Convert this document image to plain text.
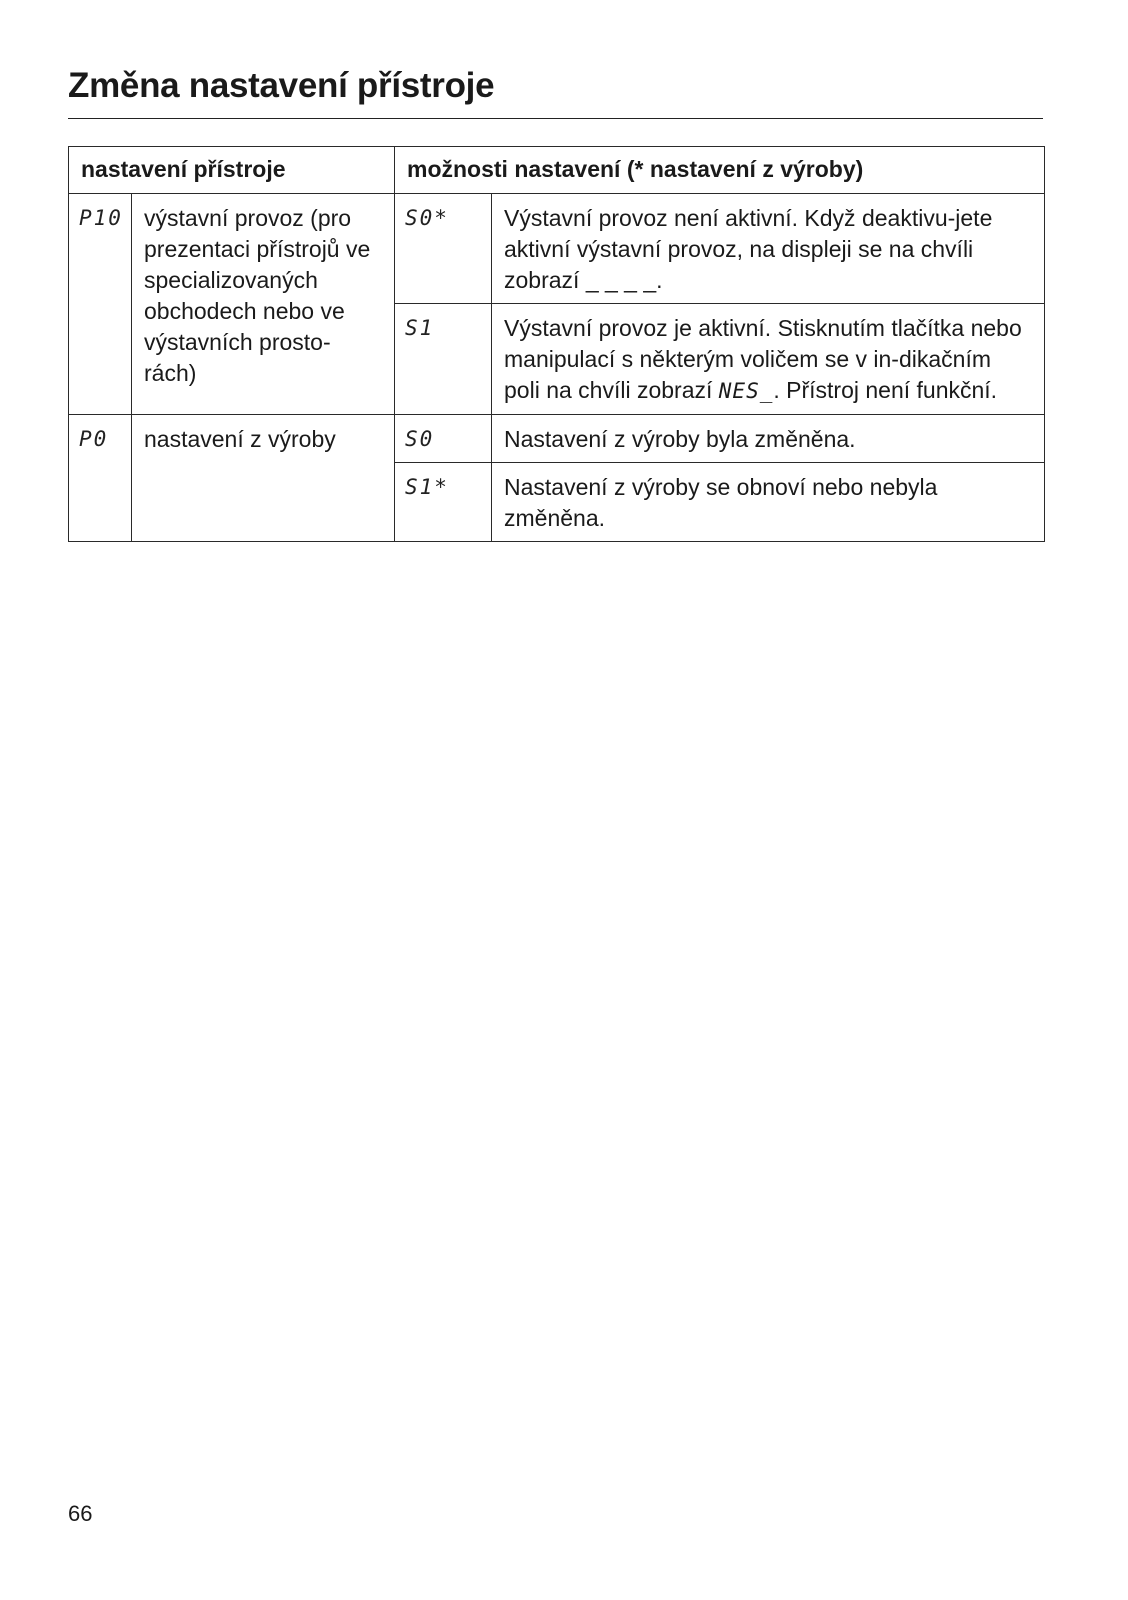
Změna nastavení přístroje
nastavení přístroje		možnosti nastavení (* nastavení z výroby)	
P10	výstavní provoz (pro prezentaci přístrojů ve specializovaných obchodech nebo ve výstavních prosto-rách)	S0*	Výstavní provoz není aktivní. Když deaktivu-jete aktivní výstavní provoz, na displeji se na chvíli zobrazí _ _ _ _.
		S1	Výstavní provoz je aktivní. Stisknutím tlačítka nebo manipulací s některým voličem se v in-dikačním poli na chvíli zobrazí NES_. Přístroj není funkční.
P0	nastavení z výroby	S0	Nastavení z výroby byla změněna.
		S1*	Nastavení z výroby se obnoví nebo nebyla změněna.
66
